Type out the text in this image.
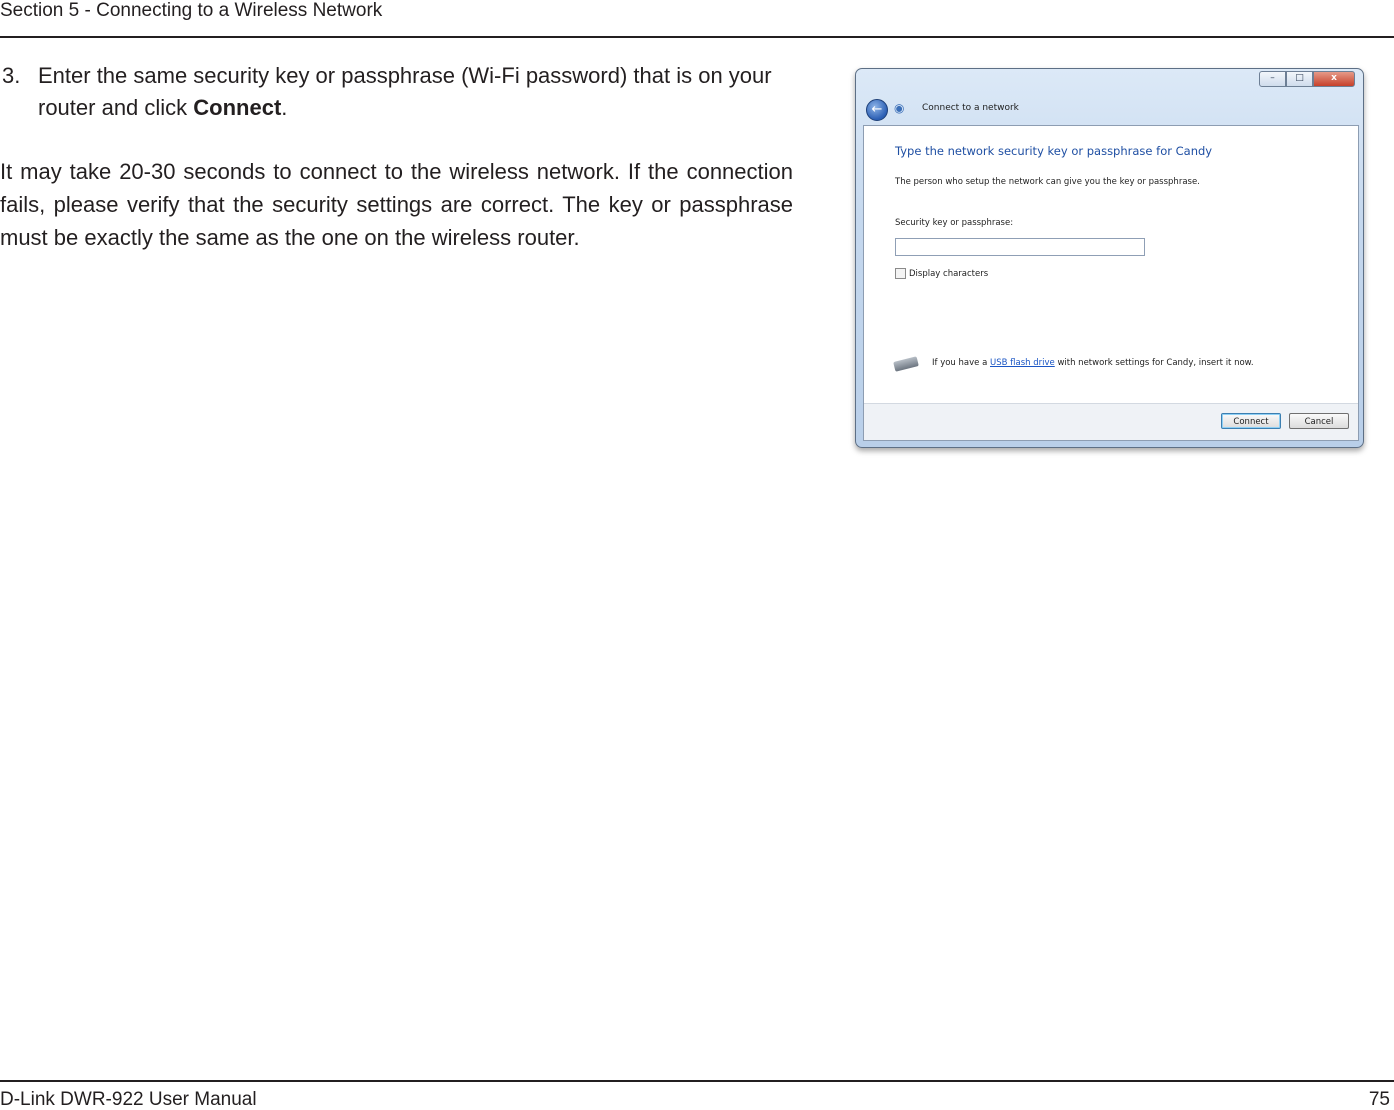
Section 5 - Connecting to a Wireless Network
3. Enter the same security key or passphrase (Wi-Fi password) that is on your router and click Connect.
It may take 20-30 seconds to connect to the wireless network. If the connection fails, please verify that the security settings are correct. The key or passphrase must be exactly the same as the one on the wireless router.
–	□	x
← ◉	Connect to a network
Type the network security key or passphrase for Candy
The person who setup the network can give you the key or passphrase.
Security key or passphrase:
Display characters
If you have a USB flash drive with network settings for Candy, insert it now.
Connect	Cancel
D-Link DWR-922 User Manual	75
